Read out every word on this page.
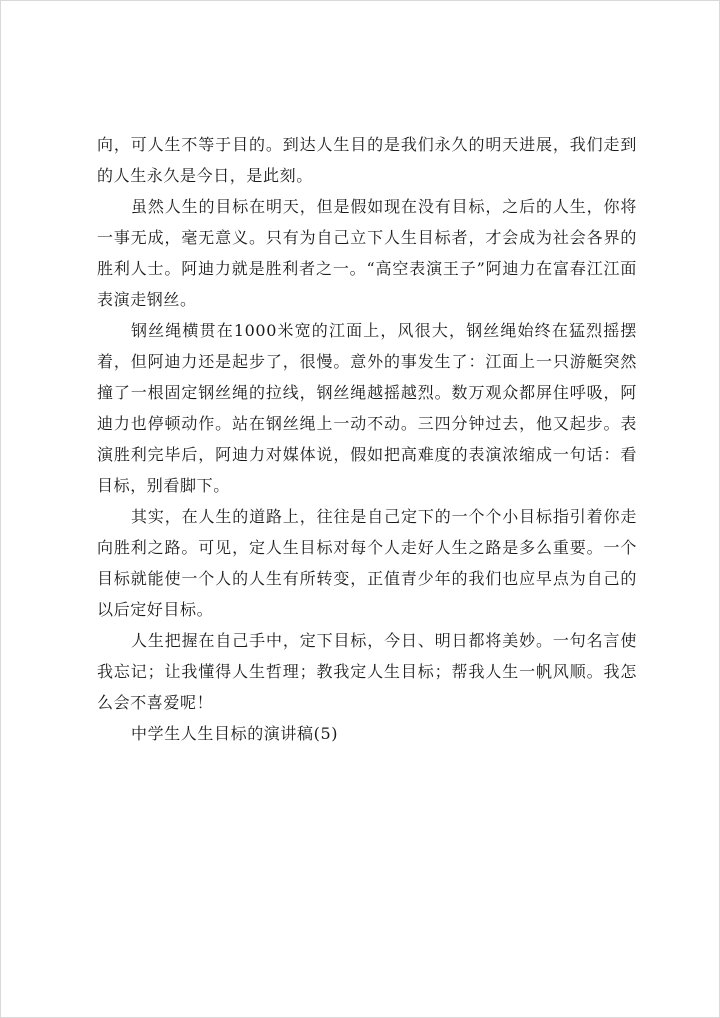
向，可人生不等于目的。到达人生目的是我们永久的明天进展，我们走到的人生永久是今日，是此刻。

虽然人生的目标在明天，但是假如现在没有目标，之后的人生，你将一事无成，毫无意义。只有为自己立下人生目标者，才会成为社会各界的胜利人士。阿迪力就是胜利者之一。“高空表演王子”阿迪力在富春江江面表演走钢丝。

钢丝绳横贯在1000米宽的江面上，风很大，钢丝绳始终在猛烈摇摆着，但阿迪力还是起步了，很慢。意外的事发生了：江面上一只游艇突然撞了一根固定钢丝绳的拉线，钢丝绳越摇越烈。数万观众都屏住呼吸，阿迪力也停顿动作。站在钢丝绳上一动不动。三四分钟过去，他又起步。表演胜利完毕后，阿迪力对媒体说，假如把高难度的表演浓缩成一句话：看目标，别看脚下。

其实，在人生的道路上，往往是自己定下的一个个小目标指引着你走向胜利之路。可见，定人生目标对每个人走好人生之路是多么重要。一个目标就能使一个人的人生有所转变，正值青少年的我们也应早点为自己的以后定好目标。

人生把握在自己手中，定下目标，今日、明日都将美妙。一句名言使我忘记；让我懂得人生哲理；教我定人生目标；帮我人生一帆风顺。我怎么会不喜爱呢！

中学生人生目标的演讲稿(5)
